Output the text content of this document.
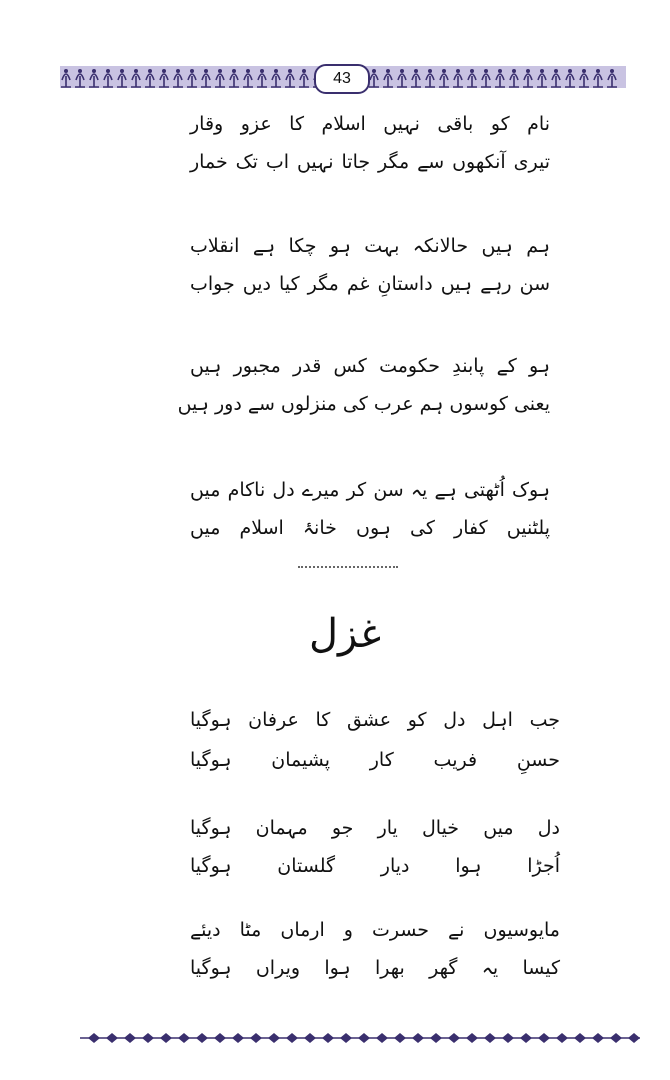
43
نام کو باقی نہیں اسلام کا عزو وقار
تیری آنکھوں سے مگر جاتا نہیں اب تک خمار
ہم ہیں حالانکہ بہت ہو چکا ہے انقلاب
سن رہے ہیں داستانِ غم مگر کیا دیں جواب
ہو کے پابندِ حکومت کس قدر مجبور ہیں
یعنی کوسوں ہم عرب کی منزلوں سے دور ہیں
ہوک اُٹھتی ہے یہ سن کر میرے دل ناکام میں
پلٹنیں کفار کی ہوں خانۂ اسلام میں
غزل
جب اہل دل کو عشق کا عرفان ہوگیا
حسنِ فریب کار پشیمان ہوگیا
دل میں خیال یار جو مہمان ہوگیا
اُجڑا ہوا دیار گلستان ہوگیا
مایوسیوں نے حسرت و ارماں مٹا دیئے
کیسا یہ گھر بھرا ہوا ویراں ہوگیا
